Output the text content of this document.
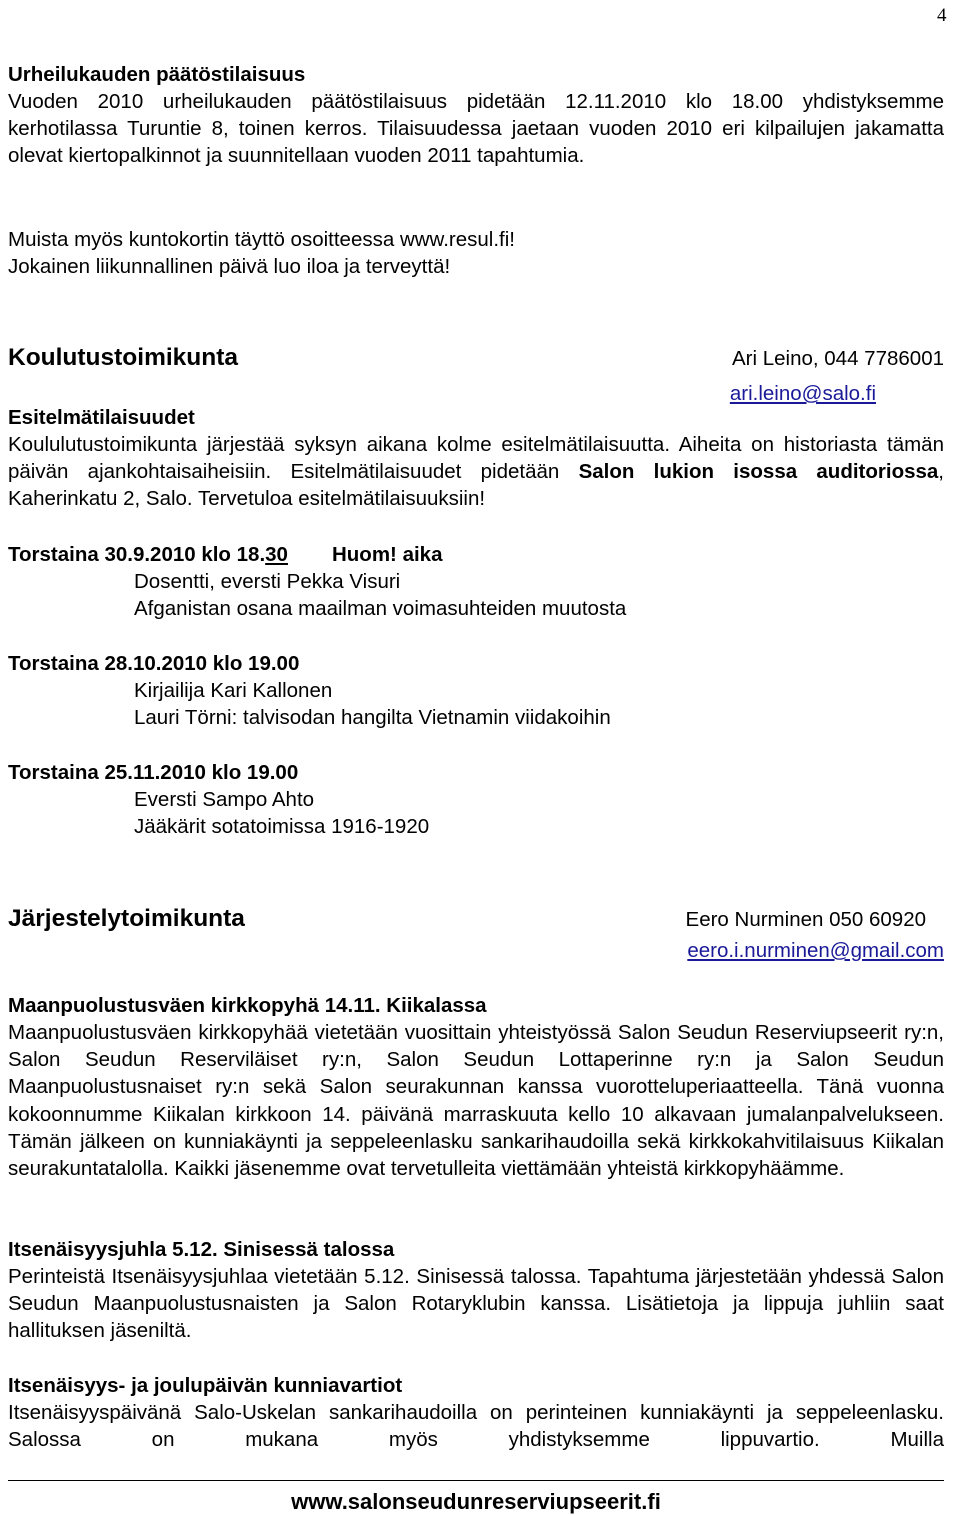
4
Urheilukauden päätöstilaisuus
Vuoden 2010 urheilukauden päätöstilaisuus pidetään 12.11.2010 klo 18.00 yhdistyksemme kerhotilassa Turuntie 8, toinen kerros. Tilaisuudessa jaetaan vuoden 2010 eri kilpailujen jakamatta olevat kiertopalkinnot ja suunnitellaan vuoden 2011 tapahtumia.
Muista myös kuntokortin täyttö osoitteessa www.resul.fi!
Jokainen liikunnallinen päivä luo iloa ja terveyttä!
Koulutustoimikunta	Ari Leino, 044 7786001
ari.leino@salo.fi
Esitelmätilaisuudet
Koululutustoimikunta järjestää syksyn aikana kolme esitelmätilaisuutta. Aiheita on historiasta tämän päivän ajankohtaisaiheisiin. Esitelmätilaisuudet pidetään Salon lukion isossa auditoriossa, Kaherinkatu 2, Salo. Tervetuloa esitelmätilaisuuksiin!
Torstaina 30.9.2010 klo 18.30 Huom! aika
Dosentti, eversti Pekka Visuri
Afganistan osana maailman voimasuhteiden muutosta
Torstaina 28.10.2010 klo 19.00
Kirjailija Kari Kallonen
Lauri Törni: talvisodan hangilta Vietnamin viidakoihin
Torstaina 25.11.2010 klo 19.00
Eversti Sampo Ahto
Jääkärit sotatoimissa 1916-1920
Järjestelytoimikunta	Eero Nurminen 050 60920
eero.i.nurminen@gmail.com
Maanpuolustusväen kirkkopyhä 14.11. Kiikalassa
Maanpuolustusväen kirkkopyhää vietetään vuosittain yhteistyössä Salon Seudun Reserviupseerit ry:n, Salon Seudun Reserviläiset ry:n, Salon Seudun Lottaperinne ry:n ja Salon Seudun Maanpuolustusnaiset ry:n sekä Salon seurakunnan kanssa vuorotteluperiaatteella. Tänä vuonna kokoonnumme Kiikalan kirkkoon 14. päivänä marraskuuta kello 10 alkavaan jumalanpalvelukseen. Tämän jälkeen on kunniakäynti ja seppeleenlasku sankarihaudoilla sekä kirkkokahvitilaisuus Kiikalan seurakuntatalolla. Kaikki jäsenemme ovat tervetulleita viettämään yhteistä kirkkopyhäämme.
Itsenäisyysjuhla 5.12. Sinisessä talossa
Perinteistä Itsenäisyysjuhlaa vietetään 5.12. Sinisessä talossa. Tapahtuma järjestetään yhdessä Salon Seudun Maanpuolustusnaisten ja Salon Rotaryklubin kanssa. Lisätietoja ja lippuja juhliin saat hallituksen jäseniltä.
Itsenäisyys- ja joulupäivän kunniavartiot
Itsenäisyyspäivänä Salo-Uskelan sankarihaudoilla on perinteinen kunniakäynti ja seppeleenlasku. Salossa on mukana myös yhdistyksemme lippuvartio. Muilla
www.salonseudunreserviupseerit.fi
